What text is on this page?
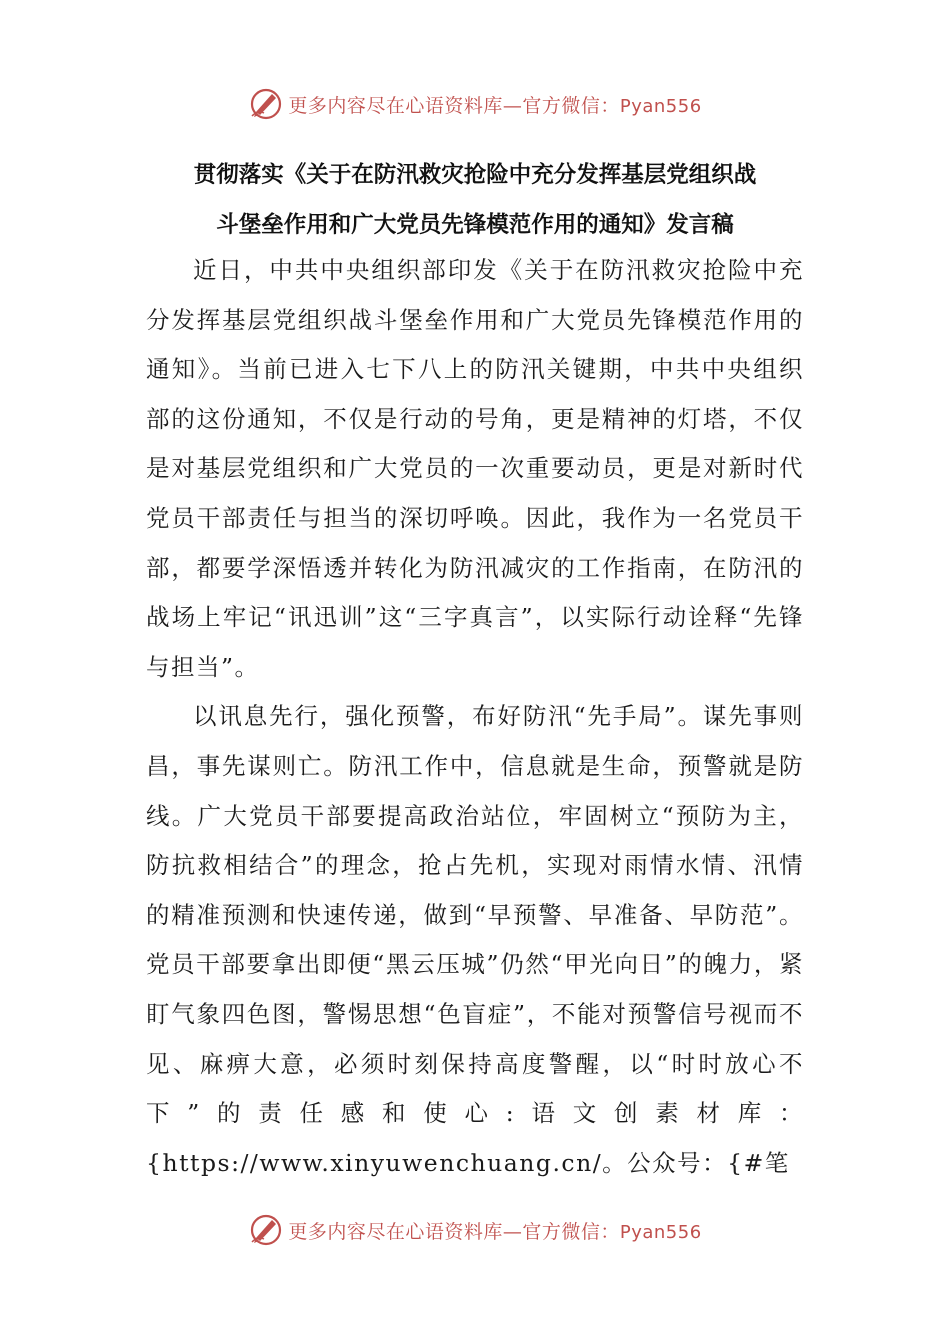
更多内容尽在心语资料库—官方微信：Pyan556
贯彻落实《关于在防汛救灾抢险中充分发挥基层党组织战
斗堡垒作用和广大党员先锋模范作用的通知》发言稿

近日，中共中央组织部印发《关于在防汛救灾抢险中充分发挥基层党组织战斗堡垒作用和广大党员先锋模范作用的通知》。当前已进入七下八上的防汛关键期，中共中央组织部的这份通知，不仅是行动的号角，更是精神的灯塔，不仅是对基层党组织和广大党员的一次重要动员，更是对新时代党员干部责任与担当的深切呼唤。因此，我作为一名党员干部，都要学深悟透并转化为防汛减灾的工作指南，在防汛的战场上牢记“讯迅训”这“三字真言”，以实际行动诠释“先锋与担当”。

以讯息先行，强化预警，布好防汛“先手局”。谋先事则昌，事先谋则亡。防汛工作中，信息就是生命，预警就是防线。广大党员干部要提高政治站位，牢固树立“预防为主，防抗救相结合”的理念，抢占先机，实现对雨情水情、汛情的精准预测和快速传递，做到“早预警、早准备、早防范”。党员干部要拿出即便“黑云压城”仍然“甲光向日”的魄力，紧盯气象四色图，警惕思想“色盲症”，不能对预警信号视而不见、麻痹大意，必须时刻保持高度警醒，以“时时放心不下”的责任感和使心:语文创素材库：{https://www.xinyuwenchuang.cn/。公众号：{#笔

更多内容尽在心语资料库—官方微信：Pyan556
